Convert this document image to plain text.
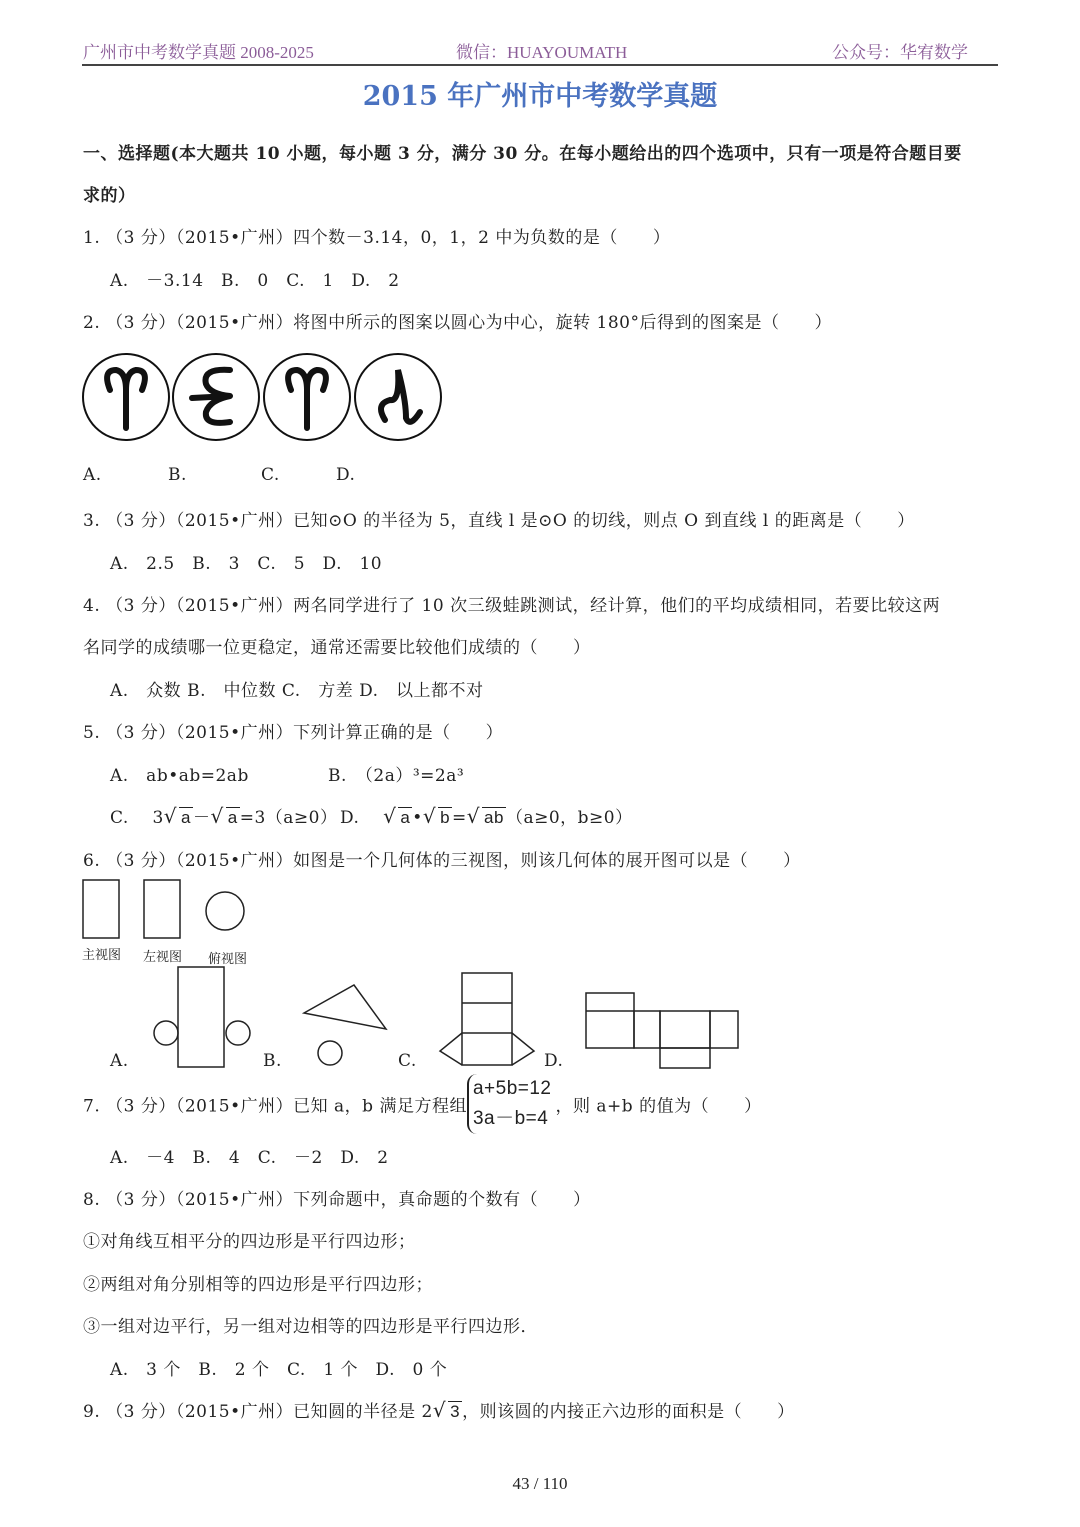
广州市中考数学真题 2008-2025	微信：HUAYOUMATH	公众号：华宥数学
2015 年广州市中考数学真题
一、选择题(本大题共 10 小题，每小题 3 分，满分 30 分。在每小题给出的四个选项中，只有一项是符合题目要
求的）
1. （3 分）（2015•广州）四个数－3.14，0，1，2 中为负数的是（　　）
A.　－3.14　B.　0　C.　1　D.　2
2. （3 分）（2015•广州）将图中所示的图案以圆心为中心，旋转 180°后得到的图案是（　　）
A.	B.	C.	D.
3. （3 分）（2015•广州）已知⊙O 的半径为 5，直线 l 是⊙O 的切线，则点 O 到直线 l 的距离是（　　）
A.　2.5　B.　3　C.　5　D.　10
4. （3 分）（2015•广州）两名同学进行了 10 次三级蛙跳测试，经计算，他们的平均成绩相同，若要比较这两
名同学的成绩哪一位更稳定，通常还需要比较他们成绩的（　　）
A.　众数 B.　中位数 C.　方差 D.　以上都不对
5. （3 分）（2015•广州）下列计算正确的是（　　）
A.　ab•ab=2ab	B.　（2a）³=2a³
C. 3√ a －√ a =3（a≥0） D. √ a •√ b =√ ab （a≥0，b≥0）
6. （3 分）（2015•广州）如图是一个几何体的三视图，则该几何体的展开图可以是（　　）
主视图 左视图 俯视图
A.	B.	C.	D.
7. （3 分）（2015•广州）已知 a，b 满足方程组a+5b=12
3a－b=4，则 a+b 的值为（　　）
A.　－4　B.　4　C.　－2　D.　2
8. （3 分）（2015•广州）下列命题中，真命题的个数有（　　）
①对角线互相平分的四边形是平行四边形；
②两组对角分别相等的四边形是平行四边形；
③一组对边平行，另一组对边相等的四边形是平行四边形．
A.　3 个　B.　2 个　C.　1 个　D.　0 个
9. （3 分）（2015•广州）已知圆的半径是 2√ 3 ，则该圆的内接正六边形的面积是（　　）
43 / 110
